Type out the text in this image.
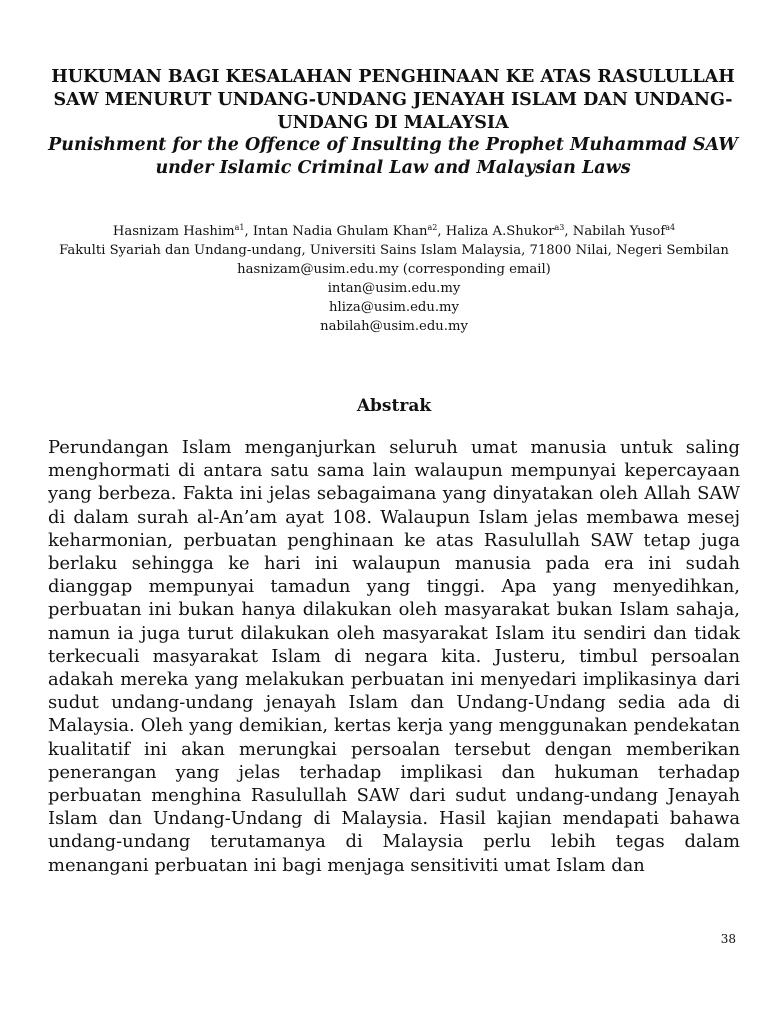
HUKUMAN BAGI KESALAHAN PENGHINAAN KE ATAS RASULULLAH SAW MENURUT UNDANG-UNDANG JENAYAH ISLAM DAN UNDANG-UNDANG DI MALAYSIA
Punishment for the Offence of Insulting the Prophet Muhammad SAW under Islamic Criminal Law and Malaysian Laws
Hasnizam Hashim$^{a1}$, Intan Nadia Ghulam Khan$^{a2}$, Haliza A.Shukor$^{a3}$, Nabilah Yusof$^{a4}$
Fakulti Syariah dan Undang-undang, Universiti Sains Islam Malaysia, 71800 Nilai, Negeri Sembilan
hasnizam@usim.edu.my (corresponding email)
intan@usim.edu.my
hliza@usim.edu.my
nabilah@usim.edu.my
Abstrak

Perundangan Islam menganjurkan seluruh umat manusia untuk saling menghormati di antara satu sama lain walaupun mempunyai kepercayaan yang berbeza. Fakta ini jelas sebagaimana yang dinyatakan oleh Allah SAW di dalam surah al-An’am ayat 108. Walaupun Islam jelas membawa mesej keharmonian, perbuatan penghinaan ke atas Rasulullah SAW tetap juga berlaku sehingga ke hari ini walaupun manusia pada era ini sudah dianggap mempunyai tamadun yang tinggi. Apa yang menyedihkan, perbuatan ini bukan hanya dilakukan oleh masyarakat bukan Islam sahaja, namun ia juga turut dilakukan oleh masyarakat Islam itu sendiri dan tidak terkecuali masyarakat Islam di negara kita. Justeru, timbul persoalan adakah mereka yang melakukan perbuatan ini menyedari implikasinya dari sudut undang-undang jenayah Islam dan Undang-Undang sedia ada di Malaysia. Oleh yang demikian, kertas kerja yang menggunakan pendekatan kualitatif ini akan merungkai persoalan tersebut dengan memberikan penerangan yang jelas terhadap implikasi dan hukuman terhadap perbuatan menghina Rasulullah SAW dari sudut undang-undang Jenayah Islam dan Undang-Undang di Malaysia. Hasil kajian mendapati bahawa undang-undang terutamanya di Malaysia perlu lebih tegas dalam menangani perbuatan ini bagi menjaga sensitiviti umat Islam dan

38
